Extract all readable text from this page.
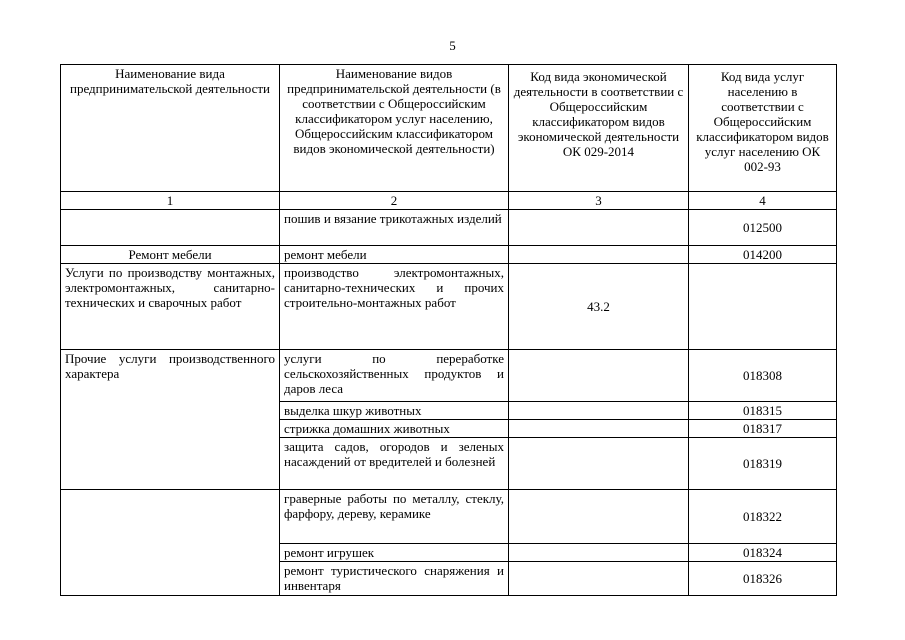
5
Наименование вида предпринимательской деятельности	Наименование видов предпринимательской деятельности (в соответствии с Общероссийским классификатором услуг населению, Общероссийским классификатором видов экономической деятельности)	Код вида экономической деятельности в соответствии с Общероссийским классификатором видов экономической деятельности ОК 029-2014	Код вида услуг населению в соответствии с Общероссийским классификатором видов услуг населению ОК 002-93
1	2	3	4
	пошив и вязание трикотажных изделий		012500
Ремонт мебели	ремонт мебели		014200
Услуги по производству монтажных, электромонтажных, санитарно-технических и сварочных работ	производство электромонтажных, санитарно-технических и прочих строительно-монтажных работ	43.2	
Прочие услуги производственного характера	услуги по переработке сельскохозяйственных продуктов и даров леса		018308
	выделка шкур животных		018315
	стрижка домашних животных		018317
	защита садов, огородов и зеленых насаждений от вредителей и болезней		018319
	граверные работы по металлу, стеклу, фарфору, дереву, керамике		018322
	ремонт игрушек		018324
	ремонт туристического снаряжения и инвентаря		018326
